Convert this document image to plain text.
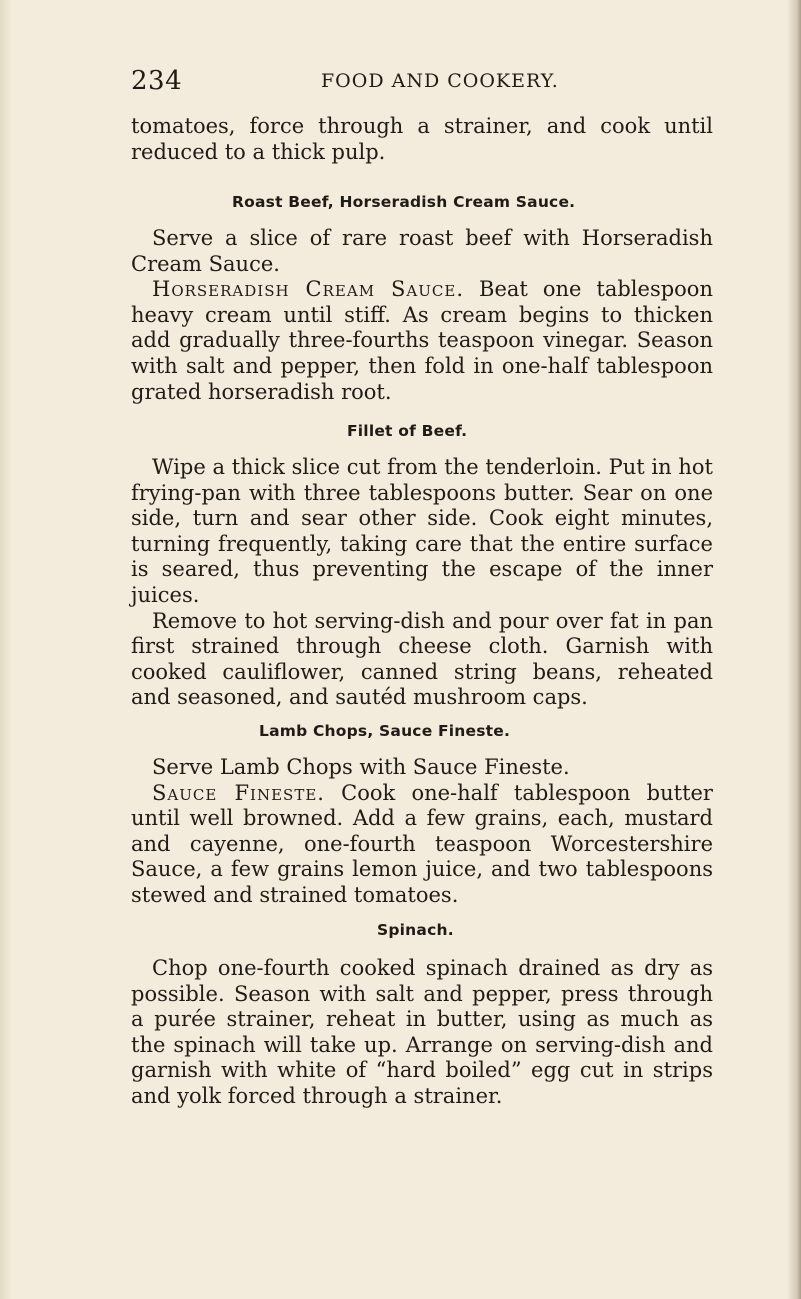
234	FOOD AND COOKERY.

tomatoes, force through a strainer, and cook until reduced to a thick pulp.

Roast Beef, Horseradish Cream Sauce.

Serve a slice of rare roast beef with Horseradish Cream Sauce.

Horseradish Cream Sauce. Beat one tablespoon heavy cream until stiff. As cream begins to thicken add gradually three-fourths teaspoon vinegar. Season with salt and pepper, then fold in one-half tablespoon grated horseradish root.

Fillet of Beef.

Wipe a thick slice cut from the tenderloin. Put in hot frying-pan with three tablespoons butter. Sear on one side, turn and sear other side. Cook eight minutes, turning frequently, taking care that the entire surface is seared, thus preventing the escape of the inner juices.

Remove to hot serving-dish and pour over fat in pan first strained through cheese cloth. Garnish with cooked cauliflower, canned string beans, reheated and seasoned, and sautéd mushroom caps.

Lamb Chops, Sauce Fineste.

Serve Lamb Chops with Sauce Fineste.

Sauce Fineste. Cook one-half tablespoon butter until well browned. Add a few grains, each, mustard and cayenne, one-fourth teaspoon Worcestershire Sauce, a few grains lemon juice, and two tablespoons stewed and strained tomatoes.

Spinach.

Chop one-fourth cooked spinach drained as dry as possible. Season with salt and pepper, press through a purée strainer, reheat in butter, using as much as the spinach will take up. Arrange on serving-dish and garnish with white of “hard boiled” egg cut in strips and yolk forced through a strainer.
